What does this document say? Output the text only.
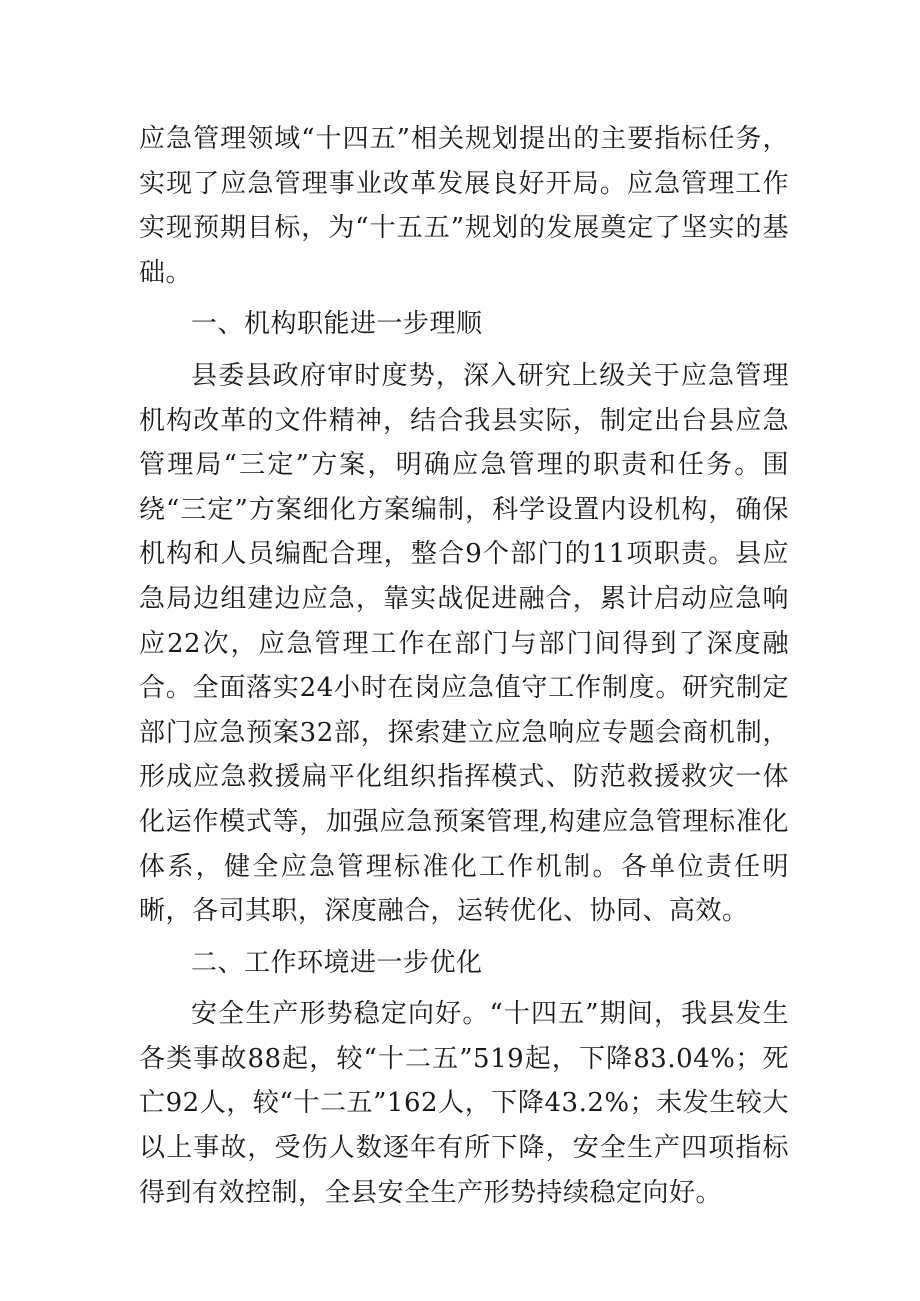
应急管理领域“十四五”相关规划提出的主要指标任务，实现了应急管理事业改革发展良好开局。应急管理工作实现预期目标，为“十五五”规划的发展奠定了坚实的基础。

一、机构职能进一步理顺

县委县政府审时度势，深入研究上级关于应急管理机构改革的文件精神，结合我县实际，制定出台县应急管理局“三定”方案，明确应急管理的职责和任务。围绕“三定”方案细化方案编制，科学设置内设机构，确保机构和人员编配合理，整合9个部门的11项职责。县应急局边组建边应急，靠实战促进融合，累计启动应急响应22次，应急管理工作在部门与部门间得到了深度融合。全面落实24小时在岗应急值守工作制度。研究制定部门应急预案32部，探索建立应急响应专题会商机制，形成应急救援扁平化组织指挥模式、防范救援救灾一体化运作模式等，加强应急预案管理,构建应急管理标准化体系，健全应急管理标准化工作机制。各单位责任明晰，各司其职，深度融合，运转优化、协同、高效。

二、工作环境进一步优化

安全生产形势稳定向好。“十四五”期间，我县发生各类事故88起，较“十二五”519起，下降83.04%；死亡92人，较“十二五”162人，下降43.2%；未发生较大以上事故，受伤人数逐年有所下降，安全生产四项指标得到有效控制，全县安全生产形势持续稳定向好。
